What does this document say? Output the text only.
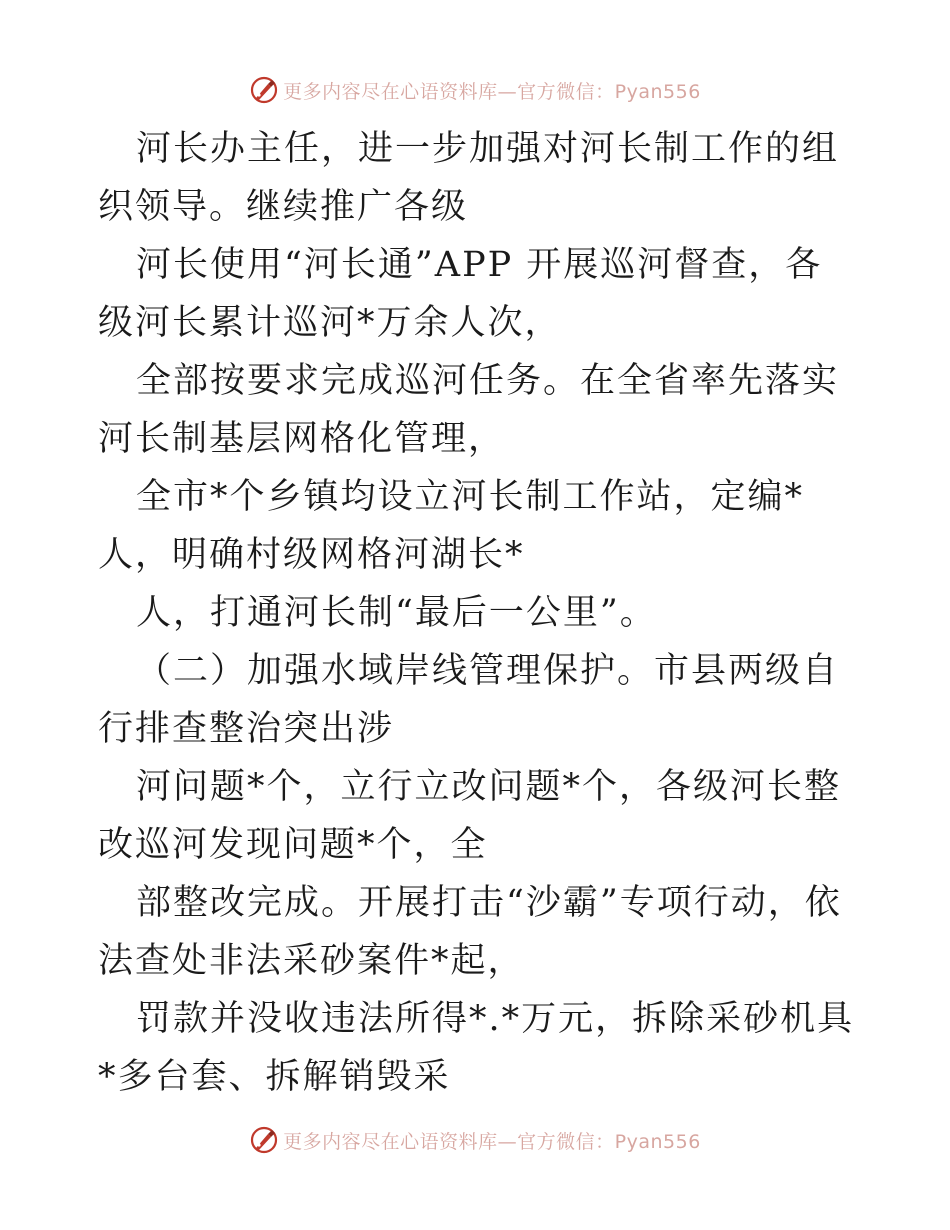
更多内容尽在心语资料库—官方微信：Pyan556

河长办主任，进一步加强对河长制工作的组织领导。继续推广各级

河长使用“河长通”APP 开展巡河督查，各级河长累计巡河*万余人次，

全部按要求完成巡河任务。在全省率先落实河长制基层网格化管理，

全市*个乡镇均设立河长制工作站，定编*人，明确村级网格河湖长*

人，打通河长制“最后一公里”。

（二）加强水域岸线管理保护。市县两级自行排查整治突出涉

河问题*个，立行立改问题*个，各级河长整改巡河发现问题*个，全

部整改完成。开展打击“沙霸”专项行动，依法查处非法采砂案件*起，

罚款并没收违法所得*.*万元，拆除采砂机具*多台套、拆解销毁采

更多内容尽在心语资料库—官方微信：Pyan556
